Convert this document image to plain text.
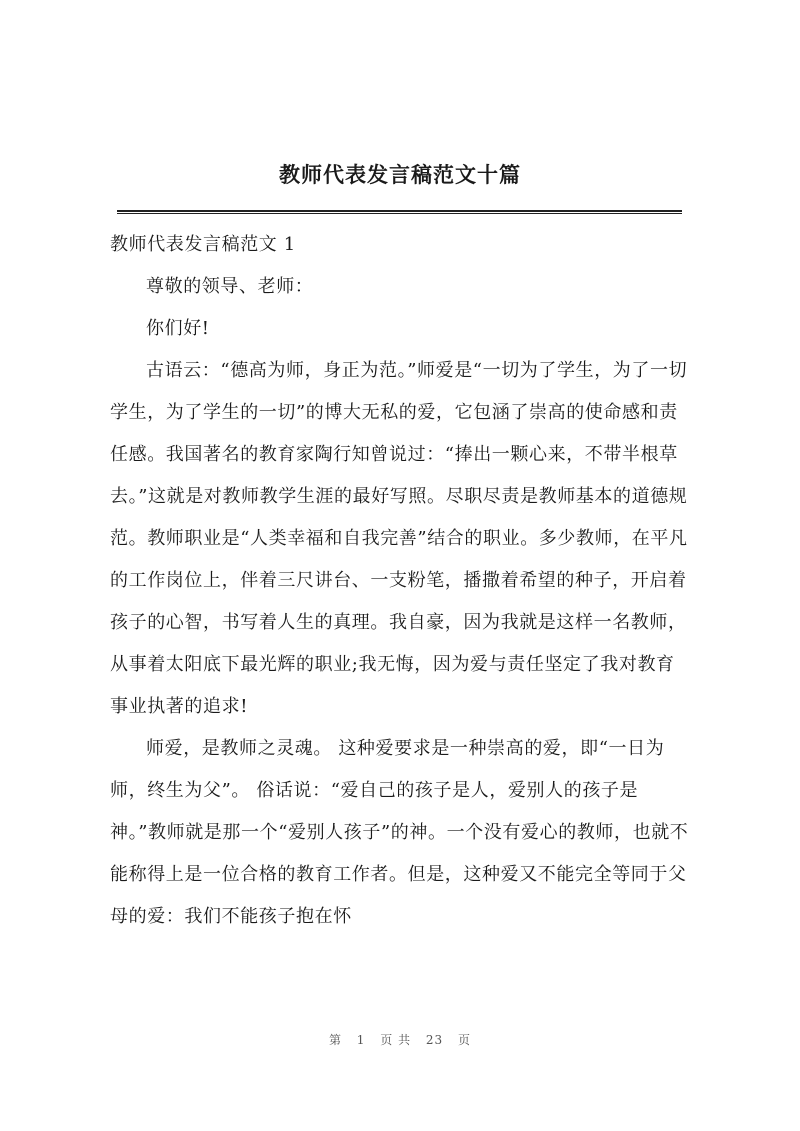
教师代表发言稿范文十篇

教师代表发言稿范文 1

尊敬的领导、老师：

你们好!

古语云：“德高为师，身正为范。”师爱是“一切为了学生，为了一切学生，为了学生的一切”的博大无私的爱，它包涵了崇高的使命感和责任感。我国著名的教育家陶行知曾说过：“捧出一颗心来，不带半根草去。”这就是对教师教学生涯的最好写照。尽职尽责是教师基本的道德规范。教师职业是“人类幸福和自我完善”结合的职业。多少教师，在平凡的工作岗位上，伴着三尺讲台、一支粉笔，播撒着希望的种子，开启着孩子的心智，书写着人生的真理。我自豪，因为我就是这样一名教师，从事着太阳底下最光辉的职业;我无悔，因为爱与责任坚定了我对教育事业执著的追求!

师爱，是教师之灵魂。 这种爱要求是一种崇高的爱，即“一日为师，终生为父”。 俗话说：“爱自己的孩子是人，爱别人的孩子是神。”教师就是那一个“爱别人孩子”的神。一个没有爱心的教师，也就不能称得上是一位合格的教育工作者。但是，这种爱又不能完全等同于父母的爱：我们不能孩子抱在怀

第 1 页 共 23 页
